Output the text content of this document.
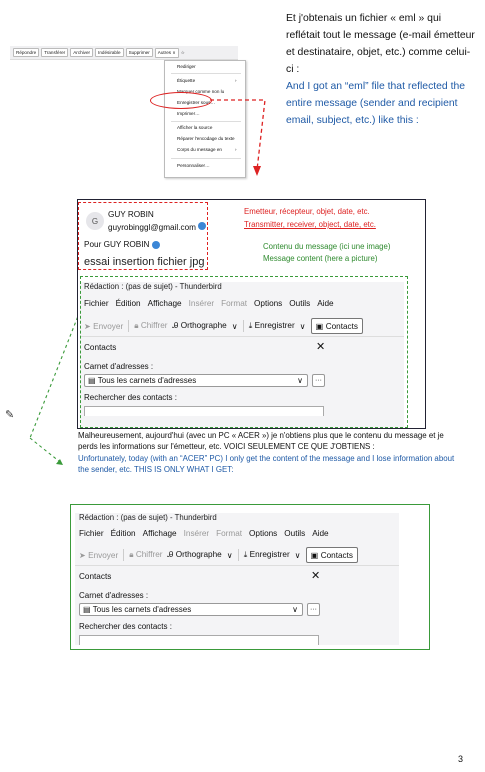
Répondre	Transférer	Archiver	Indésirable	Supprimer	Autres ∨	☆
Rediriger
Étiquette	›
Marquer comme non lu
Enregistrer sous…
Imprimer…
Afficher la source
Réparer l'encodage du texte
Corps du message en	›
Personnaliser…
✎
Et j'obtenais un fichier « eml » qui reflétait tout le message (e-mail émetteur et destinataire, objet, etc.) comme celui-ci :
And I got an “eml” file that reflected the entire message (sender and recipient email, subject, etc.) like this :
G
GUY ROBIN
guyrobinggl@gmail.com
Pour GUY ROBIN
essai insertion fichier jpg
Emetteur, récepteur, objet, date, etc.
Transmitter, receiver, object, date, etc.
Contenu du message (ici une image)
Message content (here a picture)
Rédaction : (pas de sujet) - Thunderbird
Fichier Édition Affichage Insérer Format Options Outils Aide
➤ Envoyer 🔒︎ Chiffrer Ꭿ Orthographe ∨ ⤓ Enregistrer ∨	▣ Contacts
Contacts	✕
Carnet d'adresses :
▤ Tous les carnets d'adresses	∨	···
Rechercher des contacts :
Malheureusement, aujourd'hui (avec un PC « ACER ») je n'obtiens plus que le contenu du message et je perds les informations sur l'émetteur, etc. VOICI SEULEMENT CE QUE J'OBTIENS :
Unfortunately, today (with an “ACER” PC) I only get the content of the message and I lose information about the sender, etc. THIS IS ONLY WHAT I GET:
Rédaction : (pas de sujet) - Thunderbird
Fichier Édition Affichage Insérer Format Options Outils Aide
➤ Envoyer 🔒︎ Chiffrer Ꭿ Orthographe ∨ ⤓ Enregistrer ∨	▣ Contacts
Contacts	✕
Carnet d'adresses :
▤ Tous les carnets d'adresses	∨	···
Rechercher des contacts :
3
